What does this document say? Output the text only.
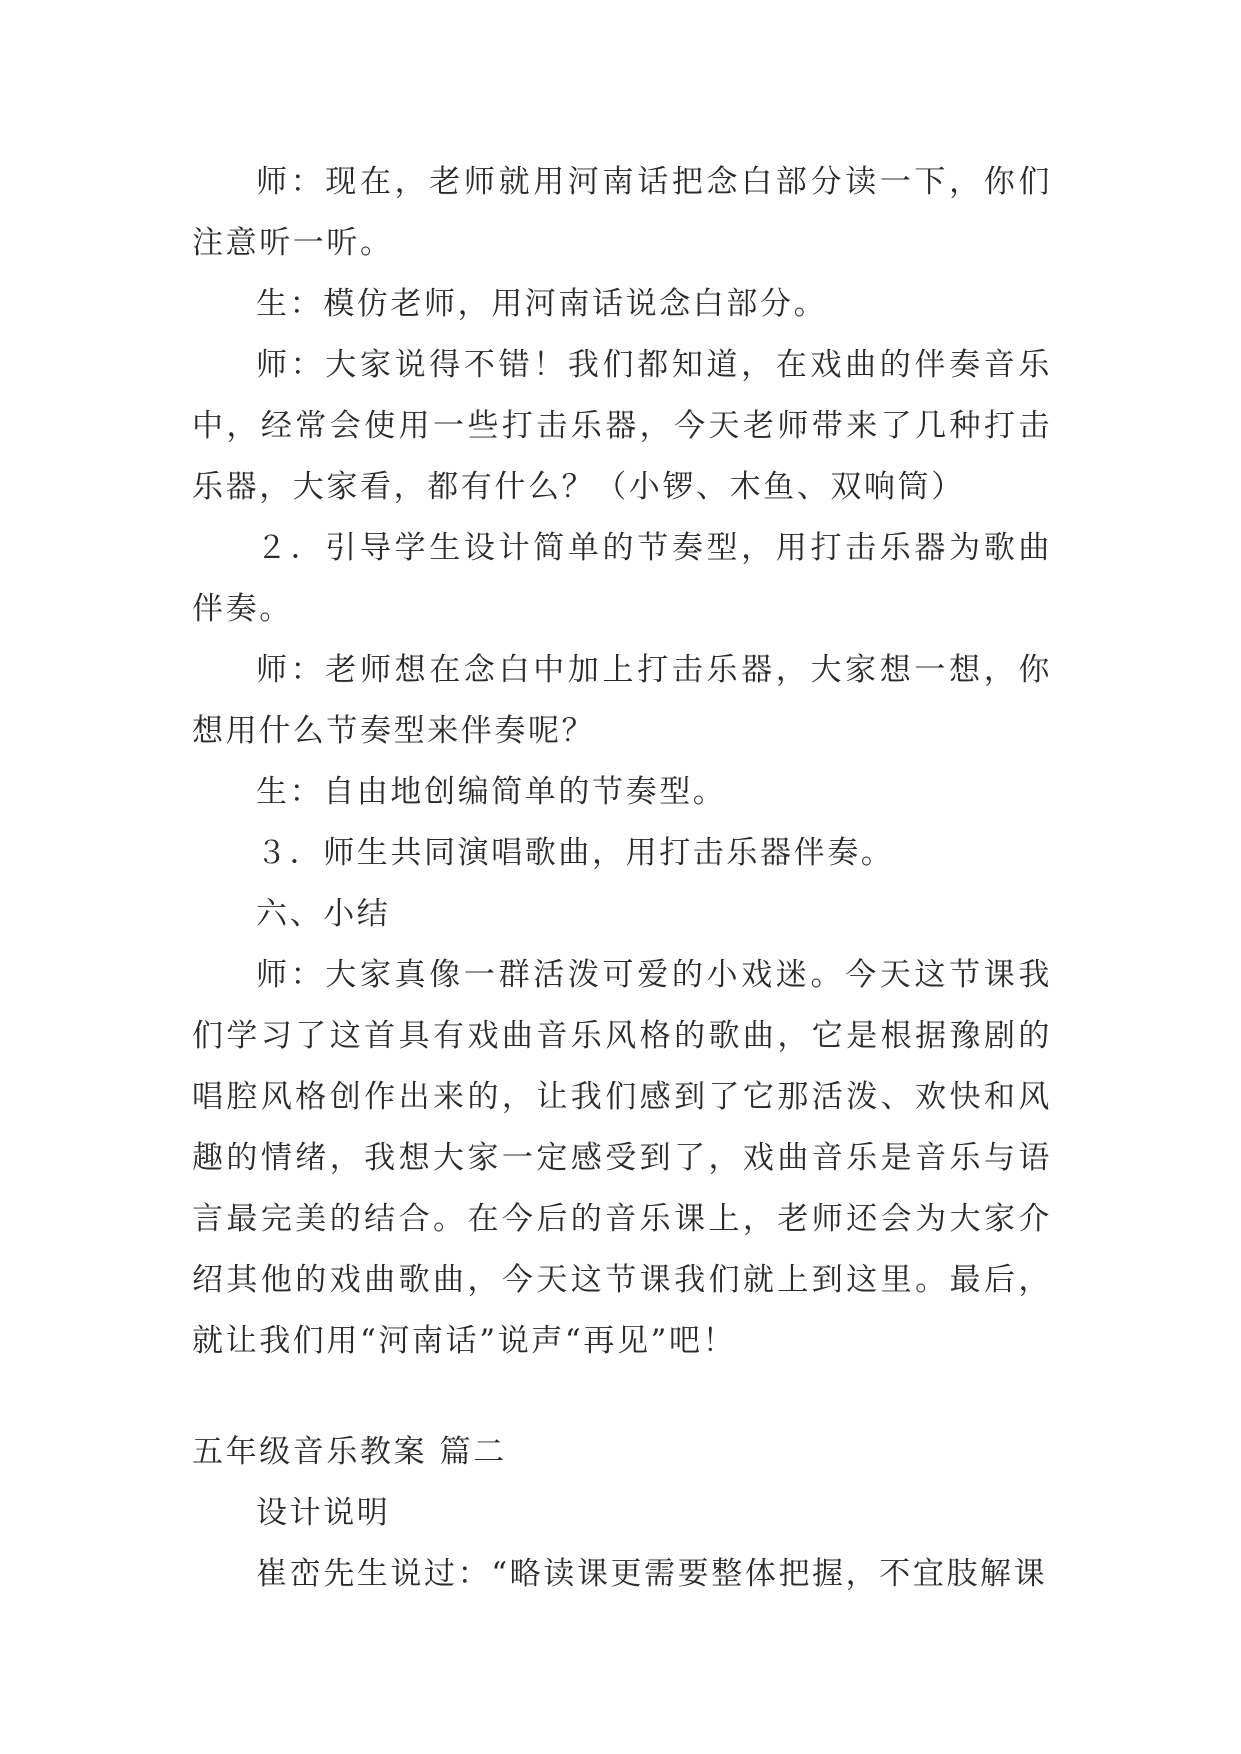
师：现在，老师就用河南话把念白部分读一下，你们注意听一听。

生：模仿老师，用河南话说念白部分。

师：大家说得不错！我们都知道，在戏曲的伴奏音乐中，经常会使用一些打击乐器，今天老师带来了几种打击乐器，大家看，都有什么？（小锣、木鱼、双响筒）

２．引导学生设计简单的节奏型，用打击乐器为歌曲伴奏。

师：老师想在念白中加上打击乐器，大家想一想，你想用什么节奏型来伴奏呢？

生：自由地创编简单的节奏型。

３．师生共同演唱歌曲，用打击乐器伴奏。

六、小结

师：大家真像一群活泼可爱的小戏迷。今天这节课我们学习了这首具有戏曲音乐风格的歌曲，它是根据豫剧的唱腔风格创作出来的，让我们感到了它那活泼、欢快和风趣的情绪，我想大家一定感受到了，戏曲音乐是音乐与语言最完美的结合。在今后的音乐课上，老师还会为大家介绍其他的戏曲歌曲，今天这节课我们就上到这里。最后，就让我们用“河南话”说声“再见”吧！

五年级音乐教案 篇二

设计说明

崔峦先生说过：“略读课更需要整体把握，不宜肢解课
